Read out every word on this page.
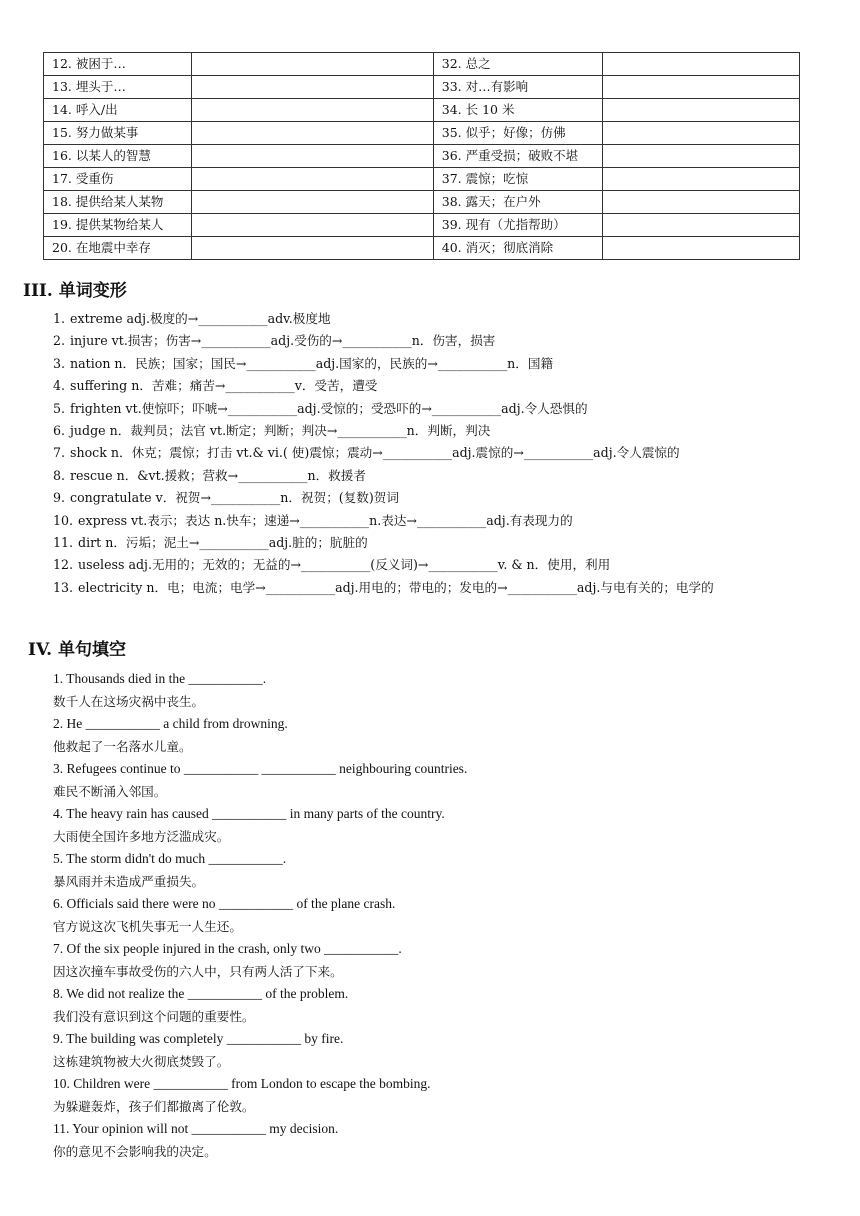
12. 被困于…		32. 总之	
13. 埋头于…		33. 对…有影响	
14. 呼入/出		34. 长 10 米	
15. 努力做某事		35. 似乎；好像；仿佛	
16. 以某人的智慧		36. 严重受损；破败不堪	
17. 受重伤		37. 震惊；吃惊	
18. 提供给某人某物		38. 露天；在户外	
19. 提供某物给某人		39. 现有（尤指帮助）	
20. 在地震中幸存		40. 消灭；彻底消除	
III. 单词变形
1. extreme adj.极度的→___________adv.极度地
2. injure vt.损害；伤害→___________adj.受伤的→___________n．伤害，损害
3. nation n．民族；国家；国民→___________adj.国家的，民族的→___________n．国籍
4. suffering n．苦难；痛苦→___________v．受苦，遭受
5. frighten vt.使惊吓；吓唬→___________adj.受惊的；受恐吓的→___________adj.令人恐惧的
6. judge n．裁判员；法官 vt.断定；判断；判决→___________n．判断，判决
7. shock n．休克；震惊；打击 vt.& vi.( 使)震惊；震动→___________adj.震惊的→___________adj.令人震惊的
8. rescue n．&vt.援救；营救→___________n．救援者
9. congratulate v．祝贺→___________n．祝贺；(复数)贺词
10. express vt.表示；表达 n.快车；速递→___________n.表达→___________adj.有表现力的
11. dirt n．污垢；泥土→___________adj.脏的；肮脏的
12. useless adj.无用的；无效的；无益的→___________(反义词)→___________v. & n．使用，利用
13. electricity n．电；电流；电学→___________adj.用电的；带电的；发电的→___________adj.与电有关的；电学的
IV. 单句填空
1. Thousands died in the ___________.
数千人在这场灾祸中丧生。
2. He ___________ a child from drowning.
他救起了一名落水儿童。
3. Refugees continue to ___________ ___________ neighbouring countries.
难民不断涌入邻国。
4. The heavy rain has caused ___________ in many parts of the country.
大雨使全国许多地方泛滥成灾。
5. The storm didn't do much ___________.
暴风雨并未造成严重损失。
6. Officials said there were no ___________ of the plane crash.
官方说这次飞机失事无一人生还。
7. Of the six people injured in the crash, only two ___________.
因这次撞车事故受伤的六人中，只有两人活了下来。
8. We did not realize the ___________ of the problem.
我们没有意识到这个问题的重要性。
9. The building was completely ___________ by fire.
这栋建筑物被大火彻底焚毁了。
10. Children were ___________ from London to escape the bombing.
为躲避轰炸，孩子们都撤离了伦敦。
11. Your opinion will not ___________ my decision.
你的意见不会影响我的决定。
